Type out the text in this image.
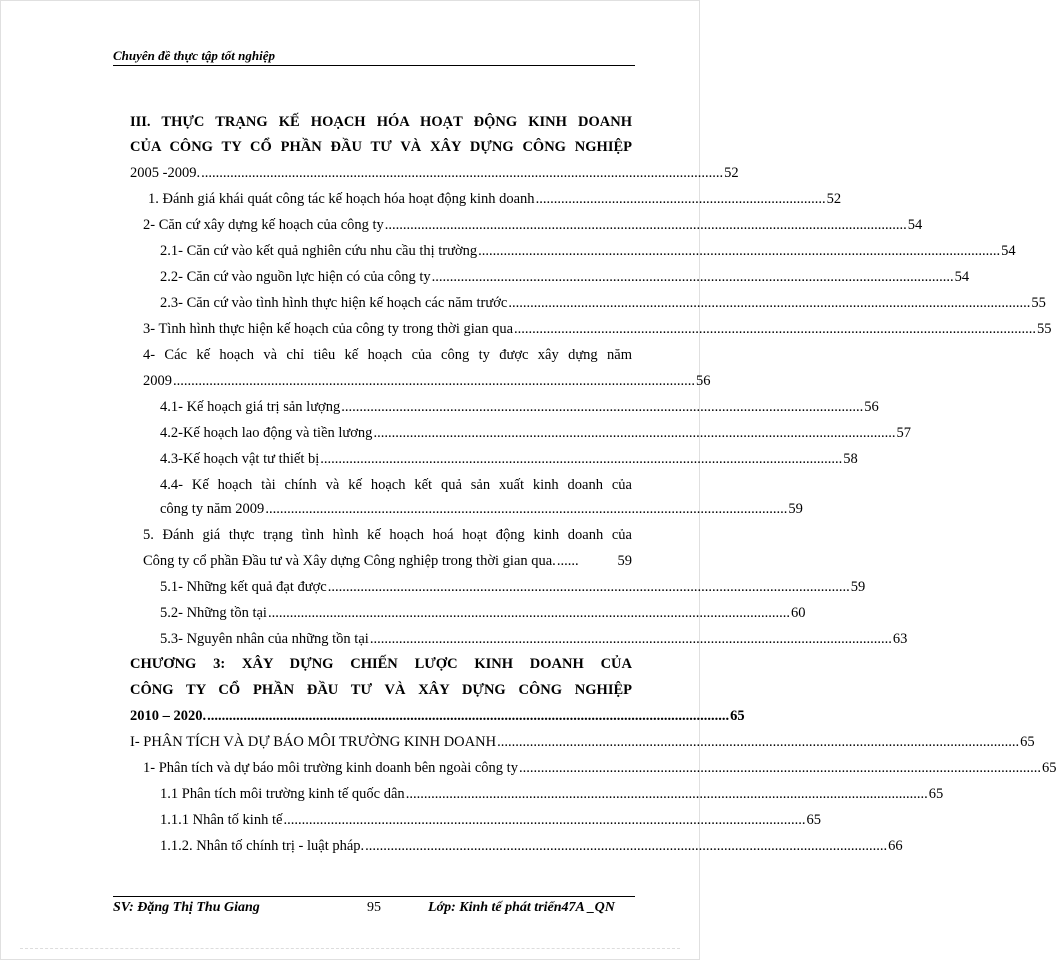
Chuyên đề thực tập tốt nghiệp
III. THỰC TRẠNG KẾ HOẠCH HÓA HOẠT ĐỘNG KINH DOANH
CỦA CÔNG TY CỔ PHẦN ĐẦU TƯ VÀ XÂY DỰNG CÔNG NGHIỆP
2005 -2009. ................................................................................................................................................ 52
1. Đánh giá khái quát công tác kế hoạch hóa hoạt động kinh doanh ................................................................................ 52
2- Căn cứ xây dựng kế hoạch của công ty ................................................................................................................................................ 54
2.1- Căn cứ vào kết quả nghiên cứu nhu cầu thị trường ................................................................................................................................................ 54
2.2- Căn cứ vào nguồn lực hiện có của công ty ................................................................................................................................................ 54
2.3- Căn cứ vào tình hình thực hiện kế hoạch các năm trước ................................................................................................................................................ 55
3- Tình hình thực hiện kế hoạch của công ty trong thời gian qua ................................................................................................................................................ 55
4- Các kế hoạch và chỉ tiêu kế hoạch của công ty được xây dựng năm
2009 ................................................................................................................................................ 56
4.1- Kế hoạch giá trị sản lượng ................................................................................................................................................ 56
4.2-Kế hoạch lao động và tiền lương ................................................................................................................................................ 57
4.3-Kế hoạch vật tư thiết bị ................................................................................................................................................ 58
4.4- Kế hoạch tài chính và kế hoạch kết quả sản xuất kinh doanh của
công ty năm 2009 ................................................................................................................................................ 59
5. Đánh giá thực trạng tình hình kế hoạch hoá hoạt động kinh doanh của
Công ty cổ phần Đầu tư và Xây dựng Công nghiệp trong thời gian qua. ......	59
5.1- Những kết quả đạt được ................................................................................................................................................ 59
5.2- Những tồn tại ................................................................................................................................................ 60
5.3- Nguyên nhân của những tồn tại ................................................................................................................................................ 63
CHƯƠNG 3: XÂY DỰNG CHIẾN LƯỢC KINH DOANH CỦA
CÔNG TY CỔ PHẦN ĐẦU TƯ VÀ XÂY DỰNG CÔNG NGHIỆP
2010 – 2020. ................................................................................................................................................ 65
I- PHÂN TÍCH VÀ DỰ BÁO MÔI TRƯỜNG KINH DOANH ................................................................................................................................................ 65
1- Phân tích và dự báo môi trường kinh doanh bên ngoài công ty ................................................................................................................................................ 65
1.1 Phân tích môi trường kinh tế quốc dân ................................................................................................................................................ 65
1.1.1 Nhân tố kinh tế ................................................................................................................................................ 65
1.1.2. Nhân tố chính trị - luật pháp. ................................................................................................................................................ 66
SV: Đặng Thị Thu Giang	95	Lớp: Kinh tế phát triển47A _QN
